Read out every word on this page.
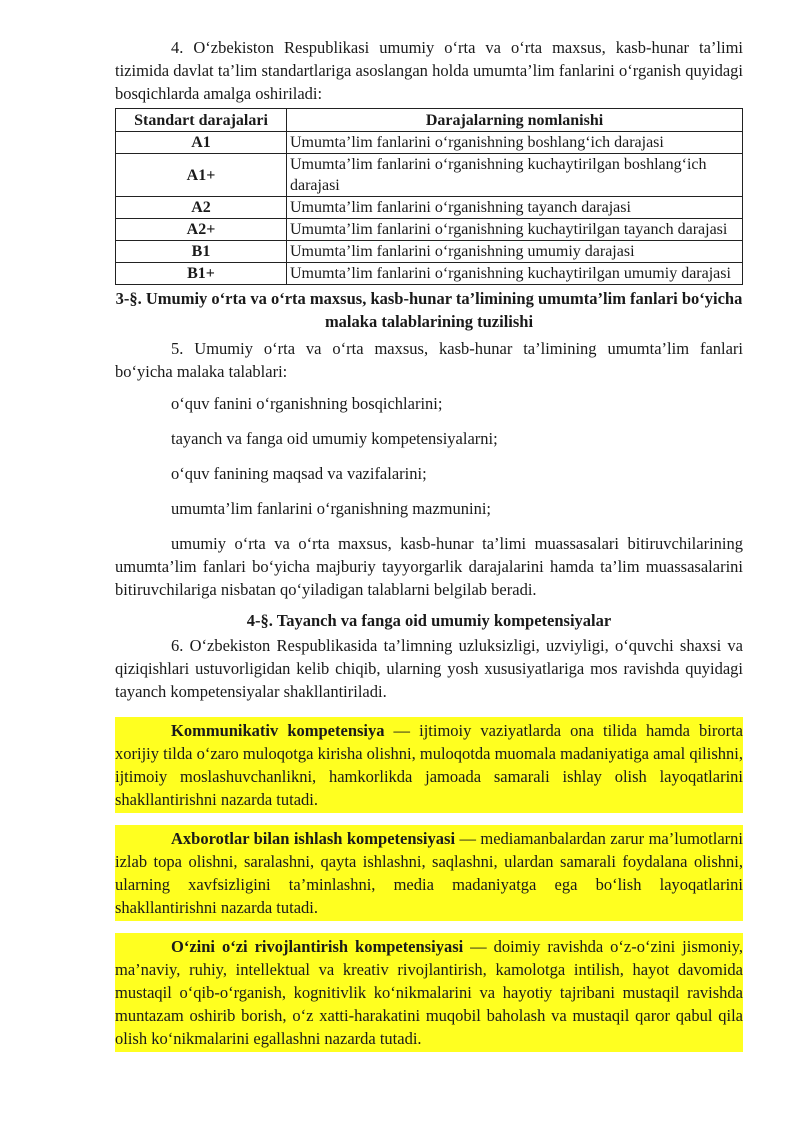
4. O‘zbekiston Respublikasi umumiy o‘rta va o‘rta maxsus, kasb-hunar ta’limi tizimida davlat ta’lim standartlariga asoslangan holda umumta’lim fanlarini o‘rganish quyidagi bosqichlarda amalga oshiriladi:

Standart darajalari	Darajalarning nomlanishi
A1	Umumta’lim fanlarini o‘rganishning boshlang‘ich darajasi
A1+	Umumta’lim fanlarini o‘rganishning kuchaytirilgan boshlang‘ich darajasi
A2	Umumta’lim fanlarini o‘rganishning tayanch darajasi
A2+	Umumta’lim fanlarini o‘rganishning kuchaytirilgan tayanch darajasi
B1	Umumta’lim fanlarini o‘rganishning umumiy darajasi
B1+	Umumta’lim fanlarini o‘rganishning kuchaytirilgan umumiy darajasi

3-§. Umumiy o‘rta va o‘rta maxsus, kasb-hunar ta’limining umumta’lim fanlari bo‘yicha malaka talablarining tuzilishi

5. Umumiy o‘rta va o‘rta maxsus, kasb-hunar ta’limining umumta’lim fanlari bo‘yicha malaka talablari:

o‘quv fanini o‘rganishning bosqichlarini;

tayanch va fanga oid umumiy kompetensiyalarni;

o‘quv fanining maqsad va vazifalarini;

umumta’lim fanlarini o‘rganishning mazmunini;

umumiy o‘rta va o‘rta maxsus, kasb-hunar ta’limi muassasalari bitiruvchilarining umumta’lim fanlari bo‘yicha majburiy tayyorgarlik darajalarini hamda ta’lim muassasalarini bitiruvchilariga nisbatan qo‘yiladigan talablarni belgilab beradi.

4-§. Tayanch va fanga oid umumiy kompetensiyalar

6. O‘zbekiston Respublikasida ta’limning uzluksizligi, uzviyligi, o‘quvchi shaxsi va qiziqishlari ustuvorligidan kelib chiqib, ularning yosh xususiyatlariga mos ravishda quyidagi tayanch kompetensiyalar shakllantiriladi.

Kommunikativ kompetensiya — ijtimoiy vaziyatlarda ona tilida hamda birorta xorijiy tilda o‘zaro muloqotga kirisha olishni, muloqotda muomala madaniyatiga amal qilishni, ijtimoiy moslashuvchanlikni, hamkorlikda jamoada samarali ishlay olish layoqatlarini shakllantirishni nazarda tutadi.

Axborotlar bilan ishlash kompetensiyasi — mediamanbalardan zarur ma’lumotlarni izlab topa olishni, saralashni, qayta ishlashni, saqlashni, ulardan samarali foydalana olishni, ularning xavfsizligini ta’minlashni, media madaniyatga ega bo‘lish layoqatlarini shakllantirishni nazarda tutadi.

O‘zini o‘zi rivojlantirish kompetensiyasi — doimiy ravishda o‘z-o‘zini jismoniy, ma’naviy, ruhiy, intellektual va kreativ rivojlantirish, kamolotga intilish, hayot davomida mustaqil o‘qib-o‘rganish, kognitivlik ko‘nikmalarini va hayotiy tajribani mustaqil ravishda muntazam oshirib borish, o‘z xatti-harakatini muqobil baholash va mustaqil qaror qabul qila olish ko‘nikmalarini egallashni nazarda tutadi.
